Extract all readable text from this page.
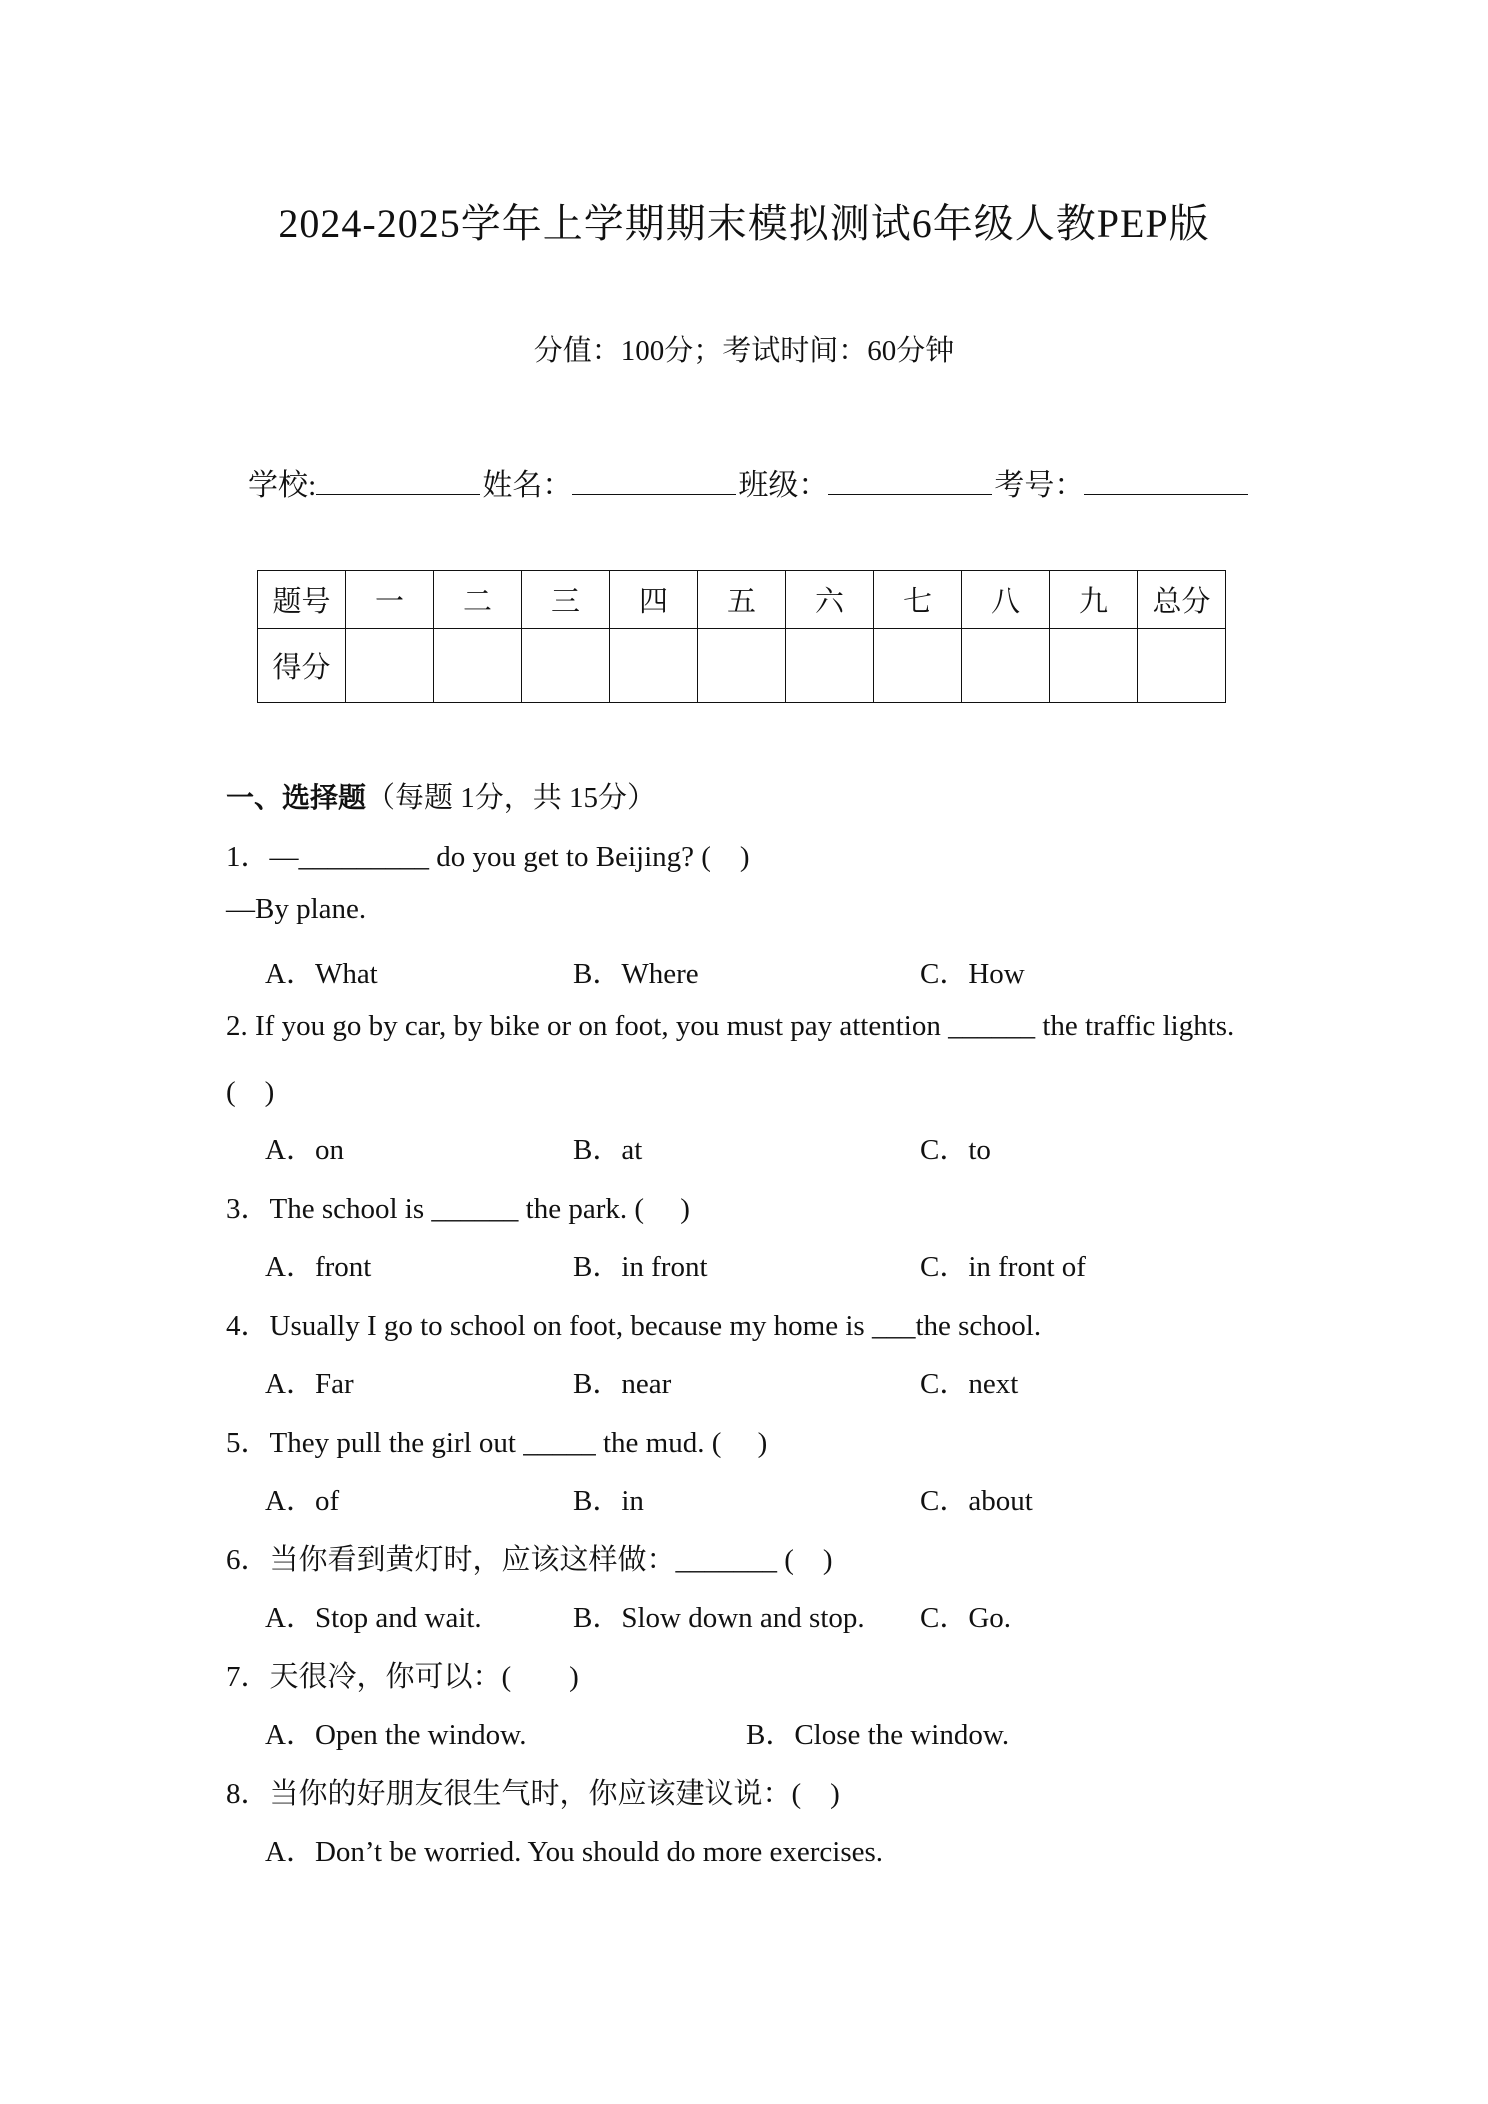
2024-2025学年上学期期末模拟测试6年级人教PEP版
分值：100分；考试时间：60分钟
学校:	姓名：	班级：	考号：
题号	一	二	三	四	五	六	七	八	九	总分
得分										
一、选择题（每题 1分，共 15分）
1．—_________ do you get to Beijing? (　)
—By plane.
A．What	B．Where	C．How
2. If you go by car, by bike or on foot, you must pay attention ______ the traffic lights.
(　)
A．on	B．at	C．to
3．The school is ______ the park. (　 )
A．front	B．in front	C．in front of
4．Usually I go to school on foot, because my home is ___the school.
A．Far	B．near	C．next
5．They pull the girl out _____ the mud. (　 )
A．of	B．in	C．about
6．当你看到黄灯时，应该这样做：_______ (　)
A．Stop and wait.	B．Slow down and stop. C．Go.
7．天很冷，你可以：(　　)
A．Open the window.	B．Close the window.
8．当你的好朋友很生气时，你应该建议说：(　)
A．Don’t be worried. You should do more exercises.
